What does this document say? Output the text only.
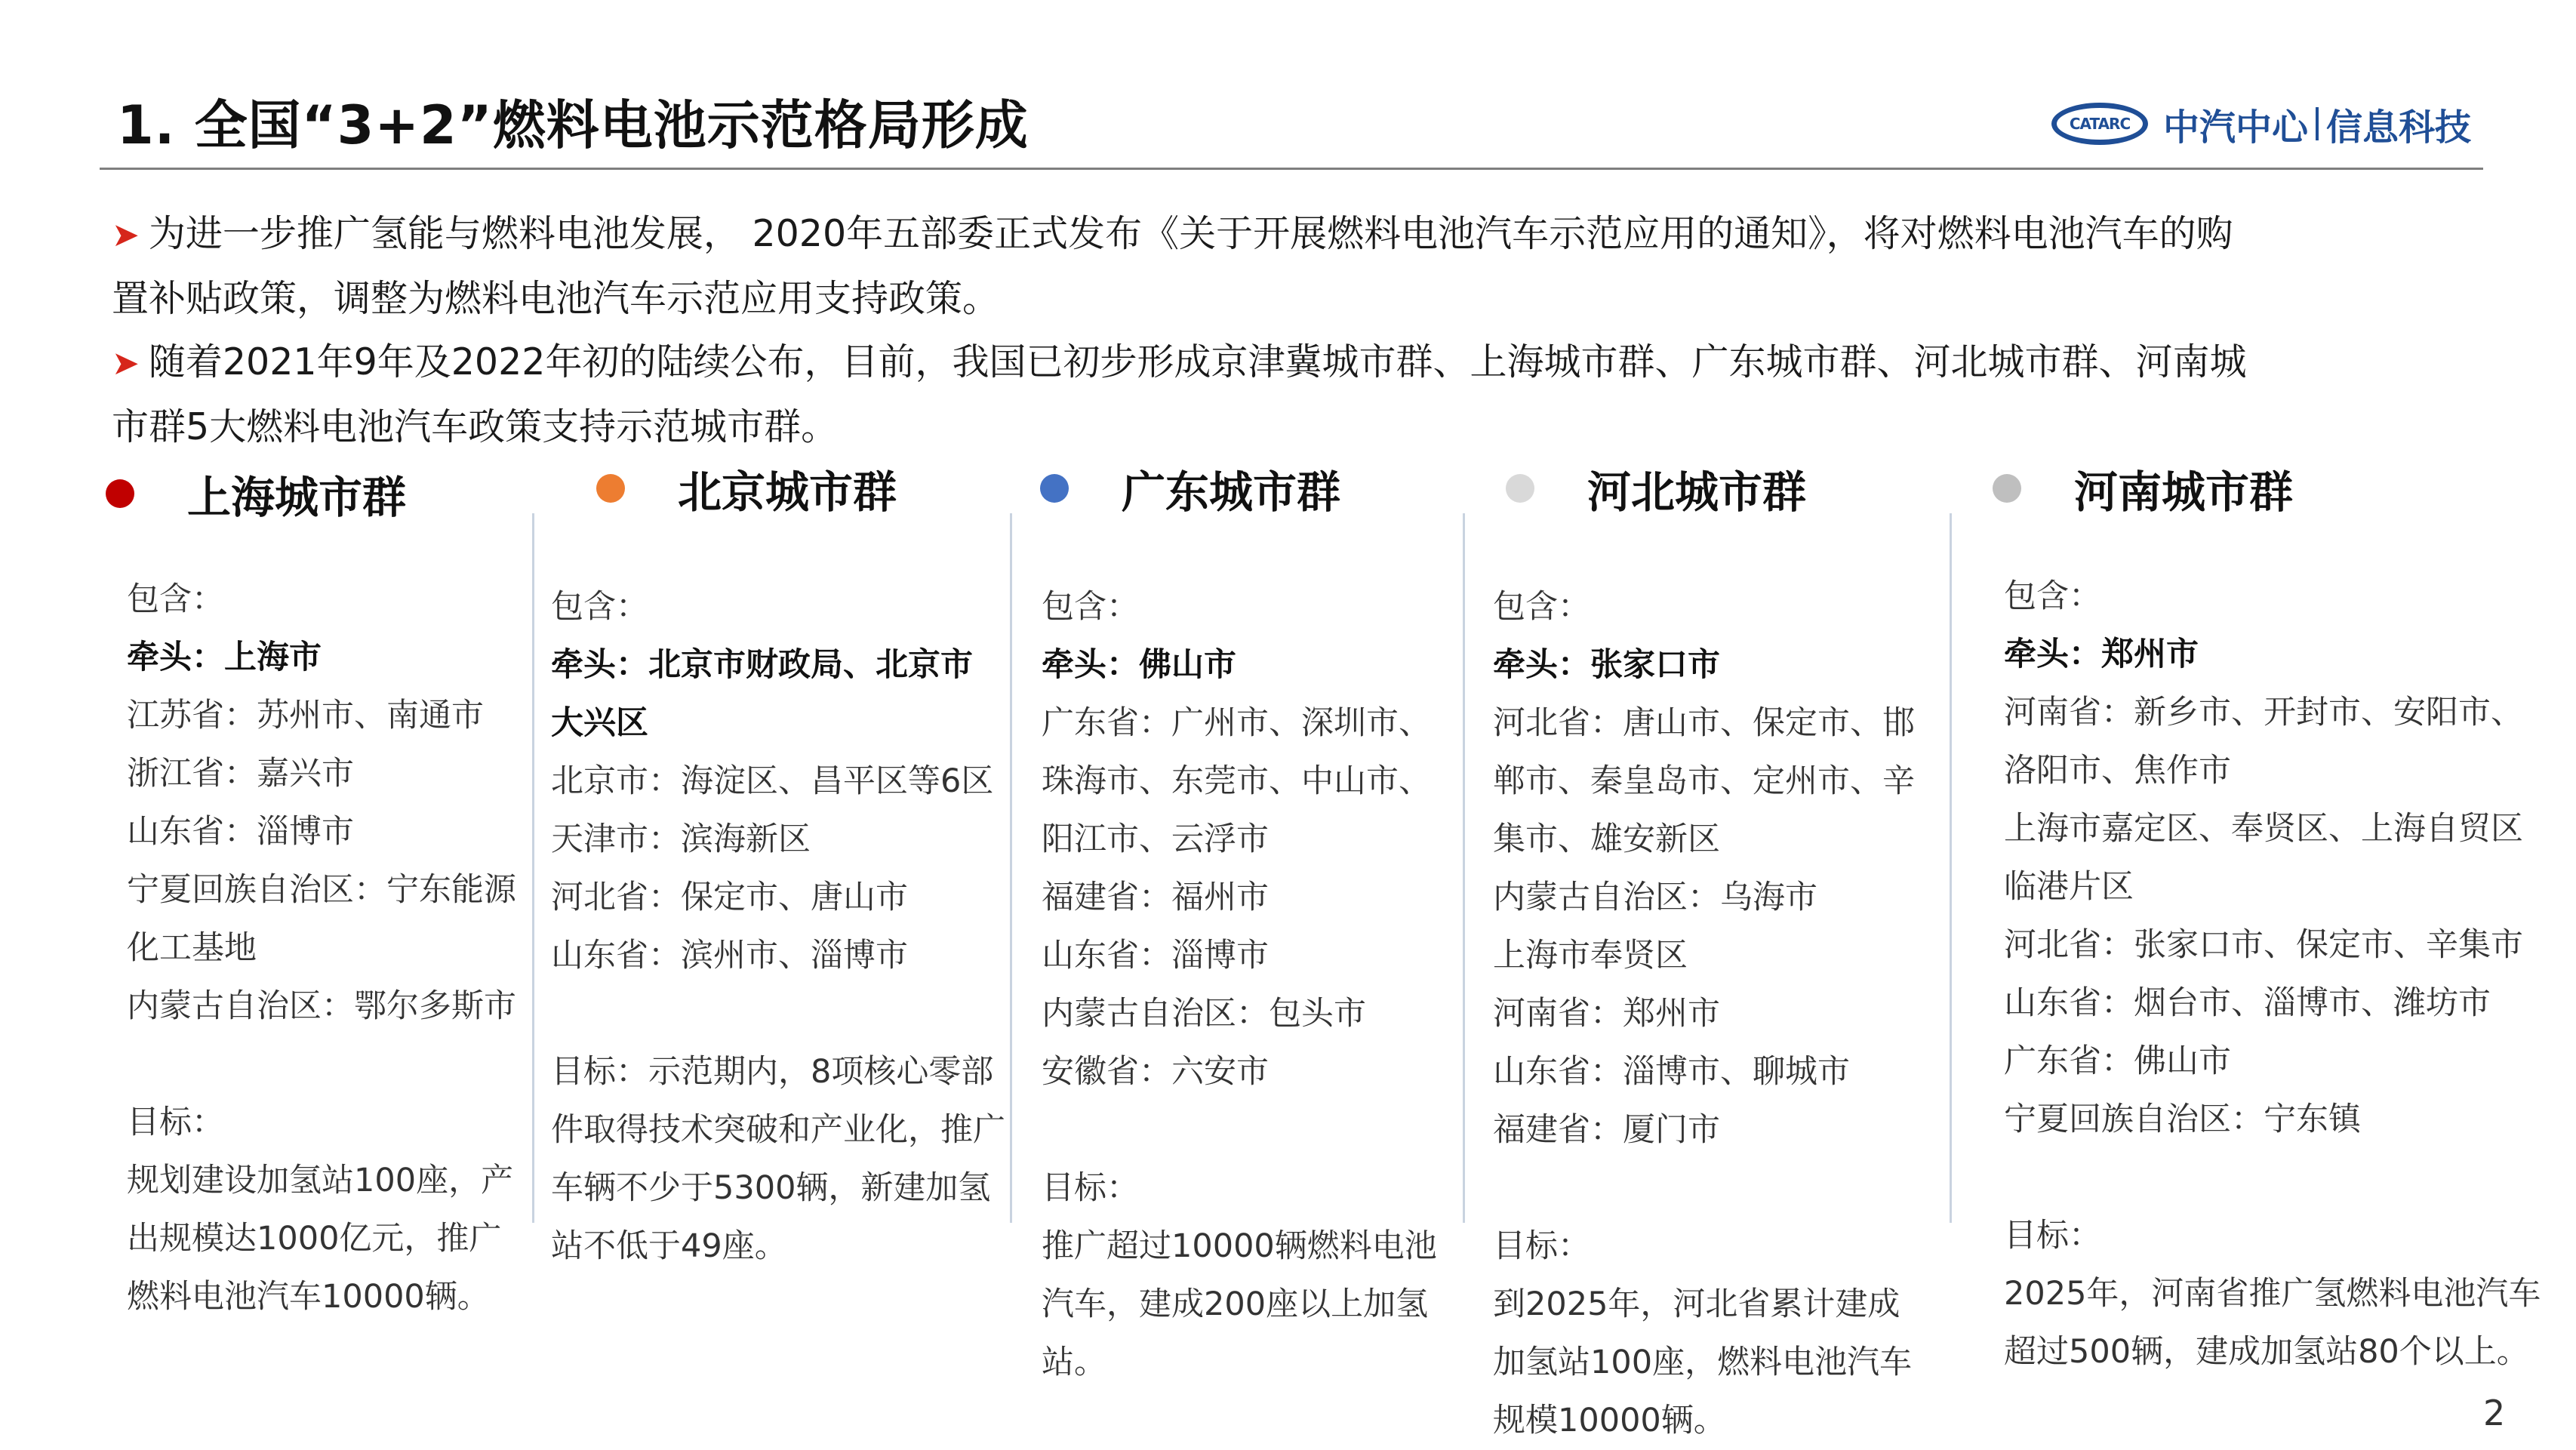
1. 全国“3+2”燃料电池示范格局形成	CATARC 中汽中心 信息科技

➤ 为进一步推广氢能与燃料电池发展， 2020年五部委正式发布《关于开展燃料电池汽车示范应用的通知》，将对燃料电池汽车的购

置补贴政策，调整为燃料电池汽车示范应用支持政策。

➤ 随着2021年9年及2022年初的陆续公布，目前，我国已初步形成京津冀城市群、上海城市群、广东城市群、河北城市群、河南城

市群5大燃料电池汽车政策支持示范城市群。

上海城市群	北京城市群	广东城市群	河北城市群	河南城市群
包含：
牵头：上海市
江苏省：苏州市、南通市
浙江省：嘉兴市
山东省：淄博市
宁夏回族自治区：宁东能源
化工基地
内蒙古自治区：鄂尔多斯市
目标：
规划建设加氢站100座，产
出规模达1000亿元，推广
燃料电池汽车10000辆。
包含：
牵头：北京市财政局、北京市
大兴区
北京市：海淀区、昌平区等6区
天津市：滨海新区
河北省：保定市、唐山市
山东省：滨州市、淄博市
目标：示范期内，8项核心零部
件取得技术突破和产业化，推广
车辆不少于5300辆，新建加氢
站不低于49座。
包含：
牵头：佛山市
广东省：广州市、深圳市、
珠海市、东莞市、中山市、
阳江市、云浮市
福建省：福州市
山东省：淄博市
内蒙古自治区：包头市
安徽省：六安市
目标：
推广超过10000辆燃料电池
汽车，建成200座以上加氢
站。
包含：
牵头：张家口市
河北省：唐山市、保定市、邯
郸市、秦皇岛市、定州市、辛
集市、雄安新区
内蒙古自治区：乌海市
上海市奉贤区
河南省：郑州市
山东省：淄博市、聊城市
福建省：厦门市
目标：
到2025年，河北省累计建成
加氢站100座，燃料电池汽车
规模10000辆。
包含：
牵头：郑州市
河南省：新乡市、开封市、安阳市、
洛阳市、焦作市
上海市嘉定区、奉贤区、上海自贸区
临港片区
河北省：张家口市、保定市、辛集市
山东省：烟台市、淄博市、潍坊市
广东省：佛山市
宁夏回族自治区：宁东镇
目标：
2025年，河南省推广氢燃料电池汽车
超过500辆，建成加氢站80个以上。
2
